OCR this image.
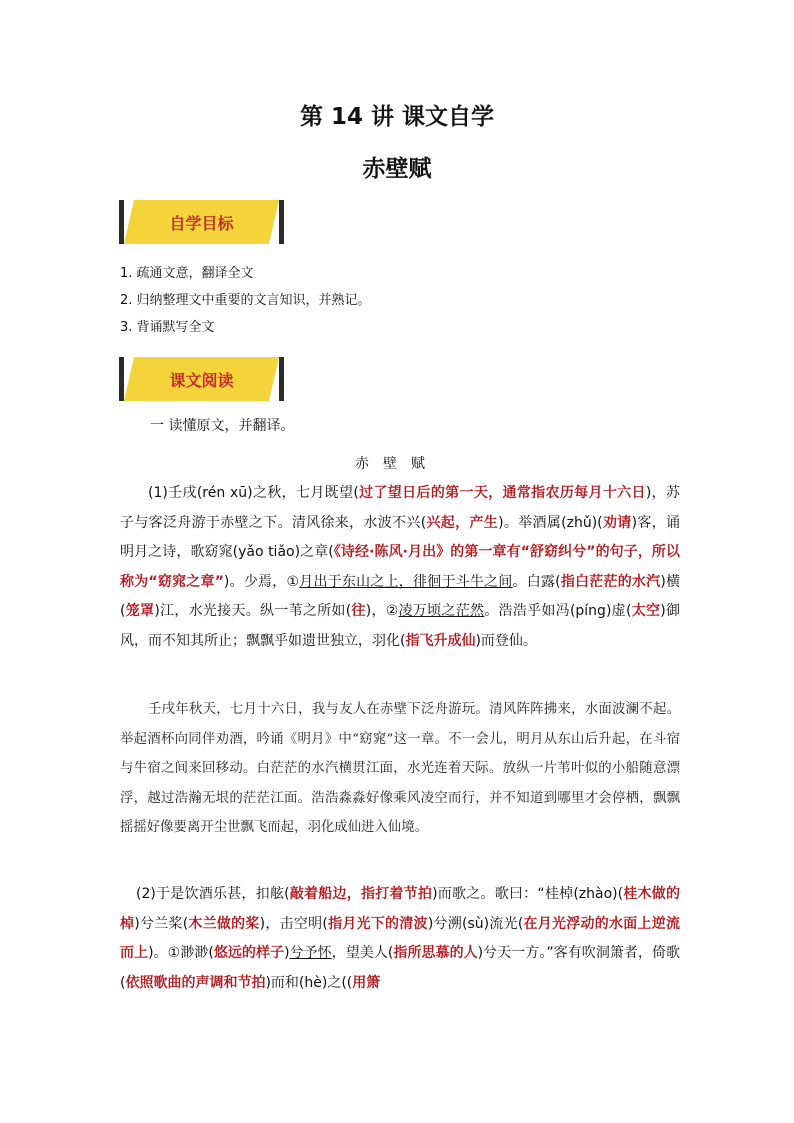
第 14 讲 课文自学
赤壁赋
自学目标
1. 疏通文意，翻译全文
2. 归纳整理文中重要的文言知识，并熟记。
3. 背诵默写全文
课文阅读
一 读懂原文，并翻译。
赤壁赋
(1)壬戌(rén xū)之秋，七月既望(过了望日后的第一天，通常指农历每月十六日)，苏子与客泛舟游于赤壁之下。清风徐来，水波不兴(兴起，产生)。举酒属(zhǔ)(劝请)客，诵明月之诗，歌窈窕(yǎo tiǎo)之章(《诗经·陈风·月出》的第一章有“舒窈纠兮”的句子，所以称为“窈窕之章”)。少焉，①月出于东山之上，徘徊于斗牛之间。白露(指白茫茫的水汽)横(笼罩)江，水光接天。纵一苇之所如(往)，②凌万顷之茫然。浩浩乎如冯(píng)虚(太空)御风，而不知其所止；飘飘乎如遗世独立，羽化(指飞升成仙)而登仙。
壬戌年秋天，七月十六日，我与友人在赤壁下泛舟游玩。清风阵阵拂来，水面波澜不起。举起酒杯向同伴劝酒，吟诵《明月》中“窈窕”这一章。不一会儿，明月从东山后升起，在斗宿与牛宿之间来回移动。白茫茫的水汽横贯江面，水光连着天际。放纵一片苇叶似的小船随意漂浮，越过浩瀚无垠的茫茫江面。浩浩淼淼好像乘风凌空而行，并不知道到哪里才会停栖，飘飘摇摇好像要离开尘世飘飞而起，羽化成仙进入仙境。
(2)于是饮酒乐甚，扣舷(敲着船边，指打着节拍)而歌之。歌曰：“桂棹(zhào)(桂木做的棹)兮兰桨(木兰做的桨)，击空明(指月光下的清波)兮溯(sù)流光(在月光浮动的水面上逆流而上)。①渺渺(悠远的样子)兮予怀，望美人(指所思慕的人)兮天一方。”客有吹洞箫者，倚歌(依照歌曲的声调和节拍)而和(hè)之((用箫
